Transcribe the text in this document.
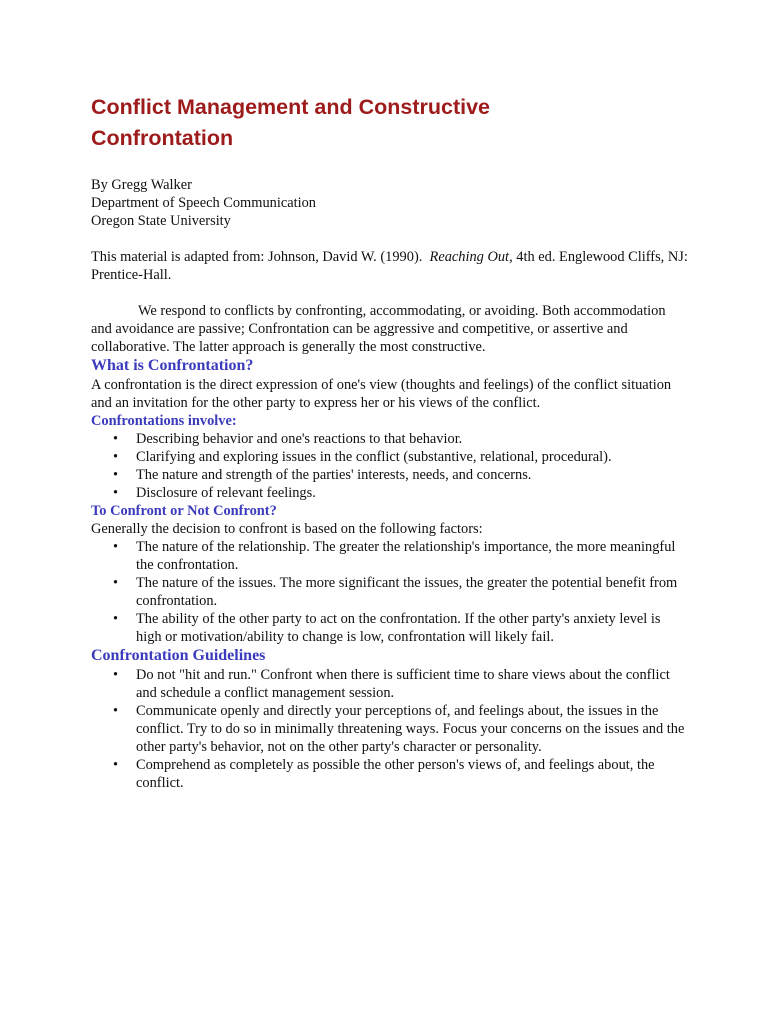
Conflict Management and Constructive Confrontation
By Gregg Walker
Department of Speech Communication
Oregon State University

This material is adapted from: Johnson, David W. (1990). Reaching Out, 4th ed. Englewood Cliffs, NJ: Prentice-Hall.

We respond to conflicts by confronting, accommodating, or avoiding. Both accommodation and avoidance are passive; Confrontation can be aggressive and competitive, or assertive and collaborative. The latter approach is generally the most constructive.

What is Confrontation?

A confrontation is the direct expression of one's view (thoughts and feelings) of the conflict situation and an invitation for the other party to express her or his views of the conflict.

Confrontations involve:
• Describing behavior and one's reactions to that behavior.
• Clarifying and exploring issues in the conflict (substantive, relational, procedural).
• The nature and strength of the parties' interests, needs, and concerns.
• Disclosure of relevant feelings.
To Confront or Not Confront?

Generally the decision to confront is based on the following factors:

• The nature of the relationship. The greater the relationship's importance, the more meaningful the confrontation.
• The nature of the issues. The more significant the issues, the greater the potential benefit from confrontation.
• The ability of the other party to act on the confrontation. If the other party's anxiety level is high or motivation/ability to change is low, confrontation will likely fail.
Confrontation Guidelines
• Do not "hit and run." Confront when there is sufficient time to share views about the conflict and schedule a conflict management session.
• Communicate openly and directly your perceptions of, and feelings about, the issues in the conflict. Try to do so in minimally threatening ways. Focus your concerns on the issues and the other party's behavior, not on the other party's character or personality.
• Comprehend as completely as possible the other person's views of, and feelings about, the conflict.
